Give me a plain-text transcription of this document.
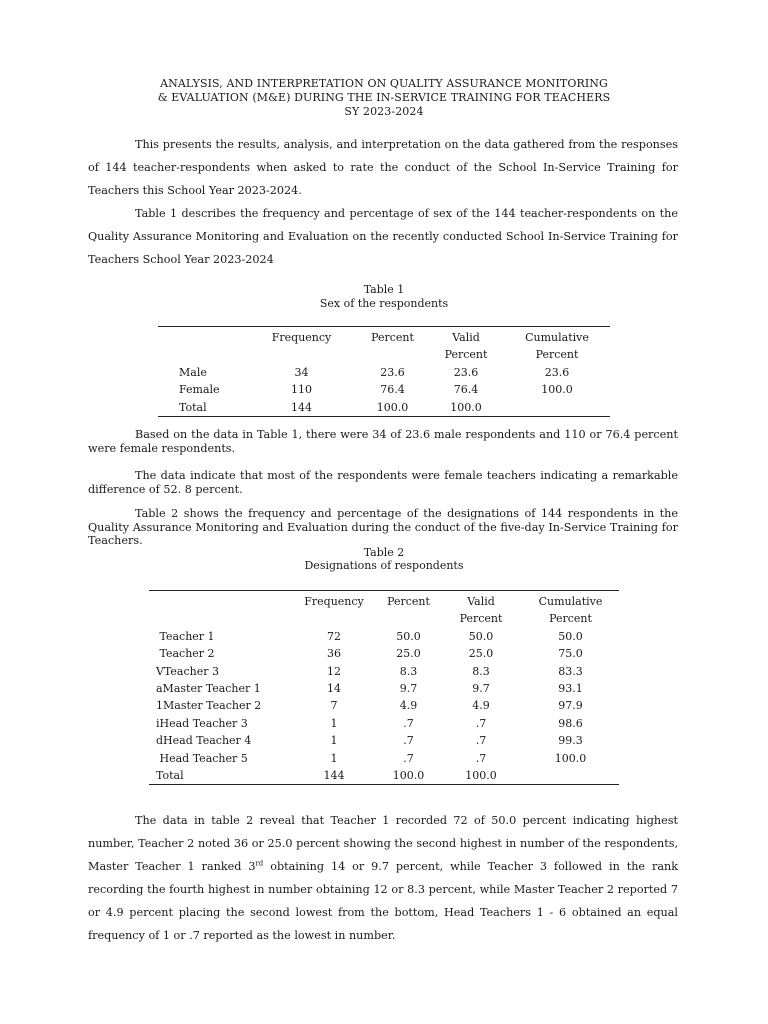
ANALYSIS, AND INTERPRETATION ON QUALITY ASSURANCE MONITORING
& EVALUATION (M&E) DURING THE IN-SERVICE TRAINING FOR TEACHERS
SY 2023-2024

This presents the results, analysis, and interpretation on the data gathered from the responses of 144 teacher-respondents when asked to rate the conduct of the School In-Service Training for Teachers this School Year 2023-2024.

Table 1 describes the frequency and percentage of sex of the 144 teacher-respondents on the Quality Assurance Monitoring and Evaluation on the recently conducted School In-Service Training for Teachers School Year 2023-2024

Table 1
Sex of the respondents
	Frequency	Percent	Valid	Cumulative
			Percent	Percent
Male	34	23.6	23.6	23.6
Female	110	76.4	76.4	100.0
Total	144	100.0	100.0	

Based on the data in Table 1, there were 34 of 23.6 male respondents and 110 or 76.4 percent were female respondents.

The data indicate that most of the respondents were female teachers indicating a remarkable difference of 52. 8 percent.

Table 2 shows the frequency and percentage of the designations of 144 respondents in the Quality Assurance Monitoring and Evaluation during the conduct of the five-day In-Service Training for Teachers.

Table 2
Designations of respondents
	Frequency	Percent	Valid	Cumulative
			Percent	Percent
Teacher 1	72	50.0	50.0	50.0
Teacher 2	36	25.0	25.0	75.0
VTeacher 3	12	8.3	8.3	83.3
aMaster Teacher 1	14	9.7	9.7	93.1
1Master Teacher 2	7	4.9	4.9	97.9
iHead Teacher 3	1	.7	.7	98.6
dHead Teacher 4	1	.7	.7	99.3
Head Teacher 5	1	.7	.7	100.0
Total	144	100.0	100.0	

The data in table 2 reveal that Teacher 1 recorded 72 of 50.0 percent indicating highest number, Teacher 2 noted 36 or 25.0 percent showing the second highest in number of the respondents, Master Teacher 1 ranked 3rd obtaining 14 or 9.7 percent, while Teacher 3 followed in the rank recording the fourth highest in number obtaining 12 or 8.3 percent, while Master Teacher 2 reported 7 or 4.9 percent placing the second lowest from the bottom, Head Teachers 1 - 6 obtained an equal frequency of 1 or .7 reported as the lowest in number.
